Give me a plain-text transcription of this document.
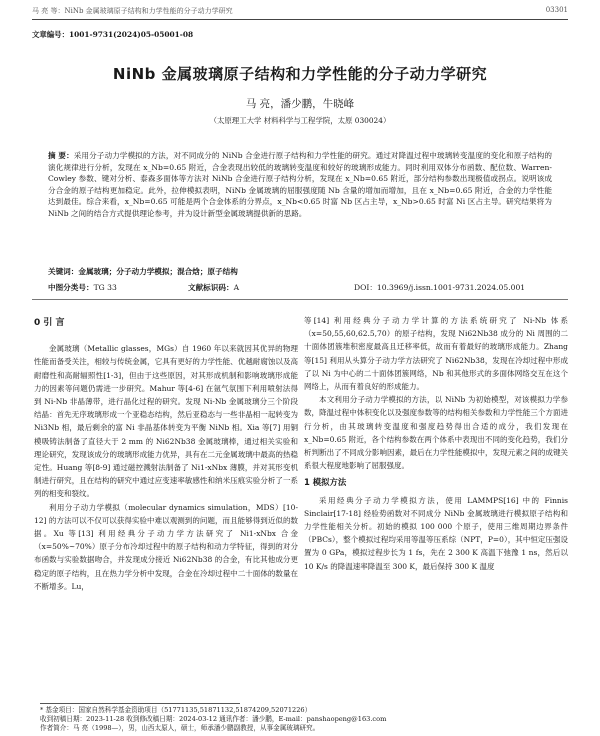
马 亮 等：NiNb 金属玻璃原子结构和力学性能的分子动力学研究	03301
文章编号：1001-9731(2024)05-05001-08
NiNb 金属玻璃原子结构和力学性能的分子动力学研究
马 亮，潘少鹏，牛晓峰
（太原理工大学 材料科学与工程学院，太原 030024）
摘 要：采用分子动力学模拟的方法，对不同成分的 NiNb 合金进行原子结构和力学性能的研究。通过对降温过程中玻璃转变温度的变化和原子结构的演化规律进行分析，发现在 x_Nb=0.65 附近，合金表现出较低的玻璃转变温度和较好的玻璃形成能力。同时利用双体分布函数、配位数、Warren-Cowley 参数、键对分析、泰森多面体等方法对 NiNb 合金进行原子结构分析，发现在 x_Nb=0.65 附近，部分结构参数出现极值或拐点。说明该成分合金的原子结构更加稳定。此外，拉伸模拟表明，NiNb 金属玻璃的屈服强度随 Nb 含量的增加而增加，且在 x_Nb=0.65 附近，合金的力学性能达到最佳。综合来看，x_Nb=0.65 可能是两个合金体系的分界点，x_Nb<0.65 时富 Nb 区占主导，x_Nb>0.65 时富 Ni 区占主导。研究结果将为 NiNb 之间的结合方式提供理论参考，并为设计新型金属玻璃提供新的思路。
关键词：金属玻璃；分子动力学模拟；混合焓；原子结构
中图分类号：TG 33	文献标识码：A	DOI：10.3969/j.issn.1001-9731.2024.05.001
0 引 言

金属玻璃（Metallic glasses，MGs）自 1960 年以来就因其优异的物理性能而备受关注，相较与传统金属，它具有更好的力学性能、优越耐腐蚀以及高耐磨性和高耐辐照性[1-3]，但由于这些原因，对其形成机制和影响玻璃形成能力的因素等问题仍需进一步研究。Mahur 等[4-6] 在氩气氛围下利用喷射法得到 Ni-Nb 非晶薄带，进行晶化过程的研究。发现 Ni-Nb 金属玻璃分三个阶段结晶：首先无序玻璃形成一个亚稳态结构，然后亚稳态与一些非晶相一起转变为 Ni3Nb 相，最后剩余的富 Ni 非晶基体转变为平衡 NiNb 相。Xia 等[7] 用铜模吸铸法制备了直径大于 2 mm 的 Ni62Nb38 金属玻璃棒，通过相关实验和理论研究，发现该成分的玻璃形成能力优异，具有在二元金属玻璃中最高的热稳定性。Huang 等[8-9] 通过磁控溅射法制备了 Ni1-xNbx 薄膜，并对其形变机制进行研究，且在结构的研究中通过应变速率敏感性和纳米压痕实验分析了一系列的相变和裂纹。

利用分子动力学模拟（molecular dynamics simulation，MDS）[10-12] 的方法可以不仅可以获得实验中难以观测到的问题，而且能够得到近似的数据。Xu 等[13] 利用经典分子动力学方法研究了 Ni1-xNbx 合金（x=50%~70%）原子分布冷却过程中的原子结构和动力学特征，得到的对分布函数与实验数据吻合，并发现成分接近 Ni62Nb38 的合金，有比其他成分更稳定的原子结构，且在热力学分析中发现，合金在冷却过程中二十面体的数量在不断增多。Lu，

等[14] 利用经典分子动力学计算的方法系统研究了 Ni-Nb 体系（x=50,55,60,62.5,70）的原子结构，发现 Ni62Nb38 成分的 Ni 周围的二十面体团簇堆积密度最高且迁移率低，故而有着最好的玻璃形成能力。Zhang 等[15] 利用从头算分子动力学方法研究了 Ni62Nb38，发现在冷却过程中形成了以 Ni 为中心的二十面体团簇网络，Nb 和其他形式的多面体网络交互在这个网络上，从而有着良好的形成能力。

本文利用分子动力学模拟的方法，以 NiNb 为初始模型，对该模拟力学参数，降温过程中体积变化以及强度参数等的结构相关参数和力学性能三个方面进行分析，由其玻璃转变温度和强度趋势得出合适的成分，我们发现在 x_Nb=0.65 附近，各个结构参数在两个体系中表现出不同的变化趋势，我们分析判断出了不同成分影响因素，最后在力学性能模拟中，发现元素之间的成键关系很大程度地影响了屈服强度。

1 模拟方法

采用经典分子动力学模拟方法，使用 LAMMPS[16] 中的 Finnis Sinclair[17-18] 经验势函数对不同成分 NiNb 金属玻璃进行模拟原子结构和力学性能相关分析。初始的模拟 100 000 个原子，使用三维周期边界条件（PBCs），整个模拟过程均采用等温等压系综（NPT，P=0），其中恒定压强设置为 0 GPa，模拟过程步长为 1 fs，先在 2 300 K 高温下弛豫 1 ns，然后以 10 K/s 的降温速率降温至 300 K，最后保持 300 K 温度

* 基金项目：国家自然科学基金资助项目（51771135,51871132,51874209,52071226）
收到初稿日期：2023-11-28 收到修改稿日期：2024-03-12 通讯作者：潘少鹏，E-mail：panshaopeng@163.com
作者简介：马 亮（1998—），男，山西太原人，硕士，师承潘少鹏副教授，从事金属玻璃研究。
